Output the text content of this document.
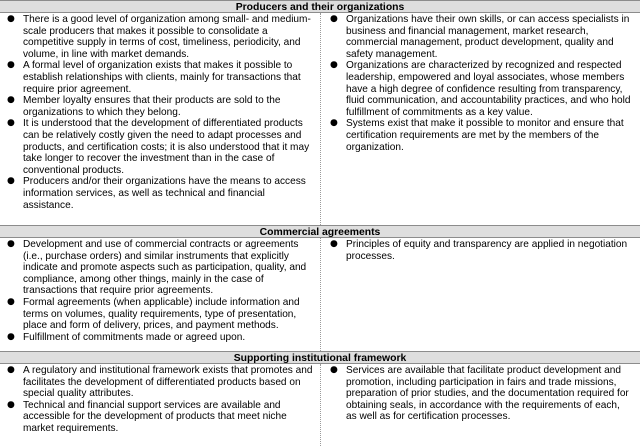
Producers and their organizations
● There is a good level of organization among small- and medium-scale producers that makes it possible to consolidate a competitive supply in terms of cost, timeliness, periodicity, and volume, in line with market demands.
● A formal level of organization exists that makes it possible to establish relationships with clients, mainly for transactions that require prior agreement.
● Member loyalty ensures that their products are sold to the organizations to which they belong.
● It is understood that the development of differentiated products can be relatively costly given the need to adapt processes and products, and certification costs; it is also understood that it may take longer to recover the investment than in the case of conventional products.
● Producers and/or their organizations have the means to access information services, as well as technical and financial assistance.
● Organizations have their own skills, or can access specialists in business and financial management, market research, commercial management, product development, quality and safety management.
● Organizations are characterized by recognized and respected leadership, empowered and loyal associates, whose members have a high degree of confidence resulting from transparency, fluid communication, and accountability practices, and who hold fulfillment of commitments as a key value.
● Systems exist that make it possible to monitor and ensure that certification requirements are met by the members of the organization.
Commercial agreements
● Development and use of commercial contracts or agreements (i.e., purchase orders) and similar instruments that explicitly indicate and promote aspects such as participation, quality, and compliance, among other things, mainly in the case of transactions that require prior agreements.
● Formal agreements (when applicable) include information and terms on volumes, quality requirements, type of presentation, place and form of delivery, prices, and payment methods.
● Fulfillment of commitments made or agreed upon.
● Principles of equity and transparency are applied in negotiation processes.
Supporting institutional framework
● A regulatory and institutional framework exists that promotes and facilitates the development of differentiated products based on special quality attributes.
● Technical and financial support services are available and accessible for the development of products that meet niche market requirements.
● Services are available that facilitate product development and promotion, including participation in fairs and trade missions, preparation of prior studies, and the documentation required for obtaining seals, in accordance with the requirements of each, as well as for certification processes.
